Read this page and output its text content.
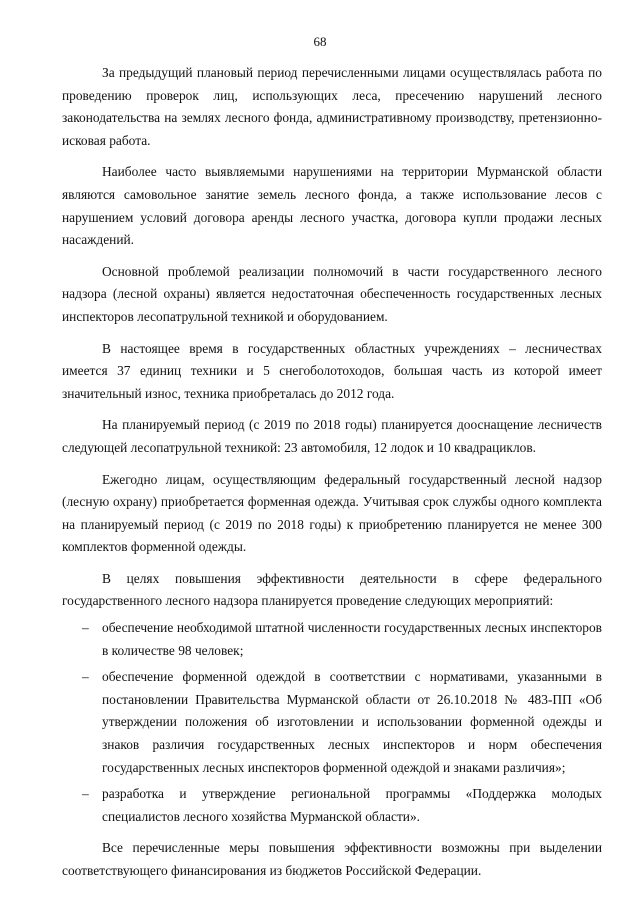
68

За предыдущий плановый период перечисленными лицами осуществлялась работа по проведению проверок лиц, использующих леса, пресечению нарушений лесного законодательства на землях лесного фонда, административному производству, претензионно-исковая работа.

Наиболее часто выявляемыми нарушениями на территории Мурманской области являются самовольное занятие земель лесного фонда, а также использование лесов с нарушением условий договора аренды лесного участка, договора купли продажи лесных насаждений.

Основной проблемой реализации полномочий в части государственного лесного надзора (лесной охраны) является недостаточная обеспеченность государственных лесных инспекторов лесопатрульной техникой и оборудованием.

В настоящее время в государственных областных учреждениях – лесничествах имеется 37 единиц техники и 5 снегоболотоходов, большая часть из которой имеет значительный износ, техника приобреталась до 2012 года.

На планируемый период (с 2019 по 2018 годы) планируется дооснащение лесничеств следующей лесопатрульной техникой: 23 автомобиля, 12 лодок и 10 квадрациклов.

Ежегодно лицам, осуществляющим федеральный государственный лесной надзор (лесную охрану) приобретается форменная одежда. Учитывая срок службы одного комплекта на планируемый период (с 2019 по 2018 годы) к приобретению планируется не менее 300 комплектов форменной одежды.

В целях повышения эффективности деятельности в сфере федерального государственного лесного надзора планируется проведение следующих мероприятий:

– обеспечение необходимой штатной численности государственных лесных инспекторов в количестве 98 человек;
– обеспечение форменной одеждой в соответствии с нормативами, указанными в постановлении Правительства Мурманской области от 26.10.2018 № 483-ПП «Об утверждении положения об изготовлении и использовании форменной одежды и знаков различия государственных лесных инспекторов и норм обеспечения государственных лесных инспекторов форменной одеждой и знаками различия»;
– разработка и утверждение региональной программы «Поддержка молодых специалистов лесного хозяйства Мурманской области».

Все перечисленные меры повышения эффективности возможны при выделении соответствующего финансирования из бюджетов Российской Федерации.
